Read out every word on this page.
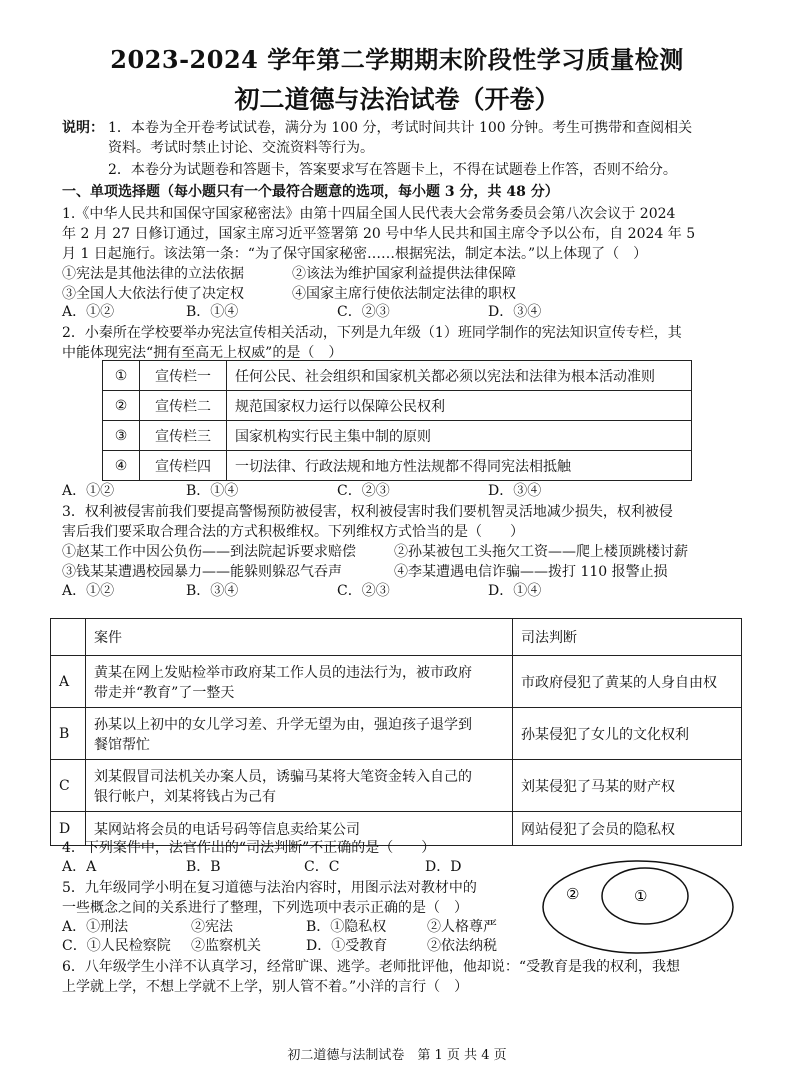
2023-2024 学年第二学期期末阶段性学习质量检测
初二道德与法治试卷（开卷）
说明： 1．本卷为全开卷考试试卷，满分为 100 分，考试时间共计 100 分钟。考生可携带和查阅相关
资料。考试时禁止讨论、交流资料等行为。
2．本卷分为试题卷和答题卡，答案要求写在答题卡上，不得在试题卷上作答，否则不给分。
一、单项选择题（每小题只有一个最符合题意的选项，每小题 3 分，共 48 分）
1.《中华人民共和国保守国家秘密法》由第十四届全国人民代表大会常务委员会第八次会议于 2024
年 2 月 27 日修订通过，国家主席习近平签署第 20 号中华人民共和国主席令予以公布，自 2024 年 5
月 1 日起施行。该法第一条：“为了保守国家秘密……根据宪法，制定本法。”以上体现了（　）
①宪法是其他法律的立法依据	②该法为维护国家利益提供法律保障
③全国人大依法行使了决定权	④国家主席行使依法制定法律的职权
A．①②	B．①④	C．②③	D．③④
2．小秦所在学校要举办宪法宣传相关活动，下列是九年级（1）班同学制作的宪法知识宣传专栏，其
中能体现宪法“拥有至高无上权威”的是（　）
①	宣传栏一	任何公民、社会组织和国家机关都必须以宪法和法律为根本活动准则
②	宣传栏二	规范国家权力运行以保障公民权利
③	宣传栏三	国家机构实行民主集中制的原则
④	宣传栏四	一切法律、行政法规和地方性法规都不得同宪法相抵触
A．①②	B．①④	C．②③	D．③④
3．权利被侵害前我们要提高警惕预防被侵害，权利被侵害时我们要机智灵活地减少损失，权利被侵
害后我们要采取合理合法的方式积极维权。下列维权方式恰当的是（　　）
①赵某工作中因公负伤——到法院起诉要求赔偿	②孙某被包工头拖欠工资——爬上楼顶跳楼讨薪
③钱某某遭遇校园暴力——能躲则躲忍气吞声	④李某遭遇电信诈骗——拨打 110 报警止损
A．①②	B．③④	C．②③	D．①④
	案件	司法判断
A	黄某在网上发贴检举市政府某工作人员的违法行为，被市政府
带走并“教育”了一整天	市政府侵犯了黄某的人身自由权
B	孙某以上初中的女儿学习差、升学无望为由，强迫孩子退学到
餐馆帮忙	孙某侵犯了女儿的文化权利
C	刘某假冒司法机关办案人员，诱骗马某将大笔资金转入自己的
银行帐户，刘某将钱占为己有	刘某侵犯了马某的财产权
D	某网站将会员的电话号码等信息卖给某公司	网站侵犯了会员的隐私权
4．下列案件中，法官作出的“司法判断”不正确的是（　　）
A．A	B．B	C．C	D．D
5．九年级同学小明在复习道德与法治内容时，用图示法对教材中的
一些概念之间的关系进行了整理，下列选项中表示正确的是（　）
A．①刑法	②宪法	B．①隐私权	②人格尊严
C．①人民检察院 ②监察机关	D．①受教育	②依法纳税
②	①
6．八年级学生小洋不认真学习，经常旷课、逃学。老师批评他，他却说：“受教育是我的权利，我想
上学就上学，不想上学就不上学，别人管不着。”小洋的言行（　）
初二道德与法制试卷　第 1 页 共 4 页
